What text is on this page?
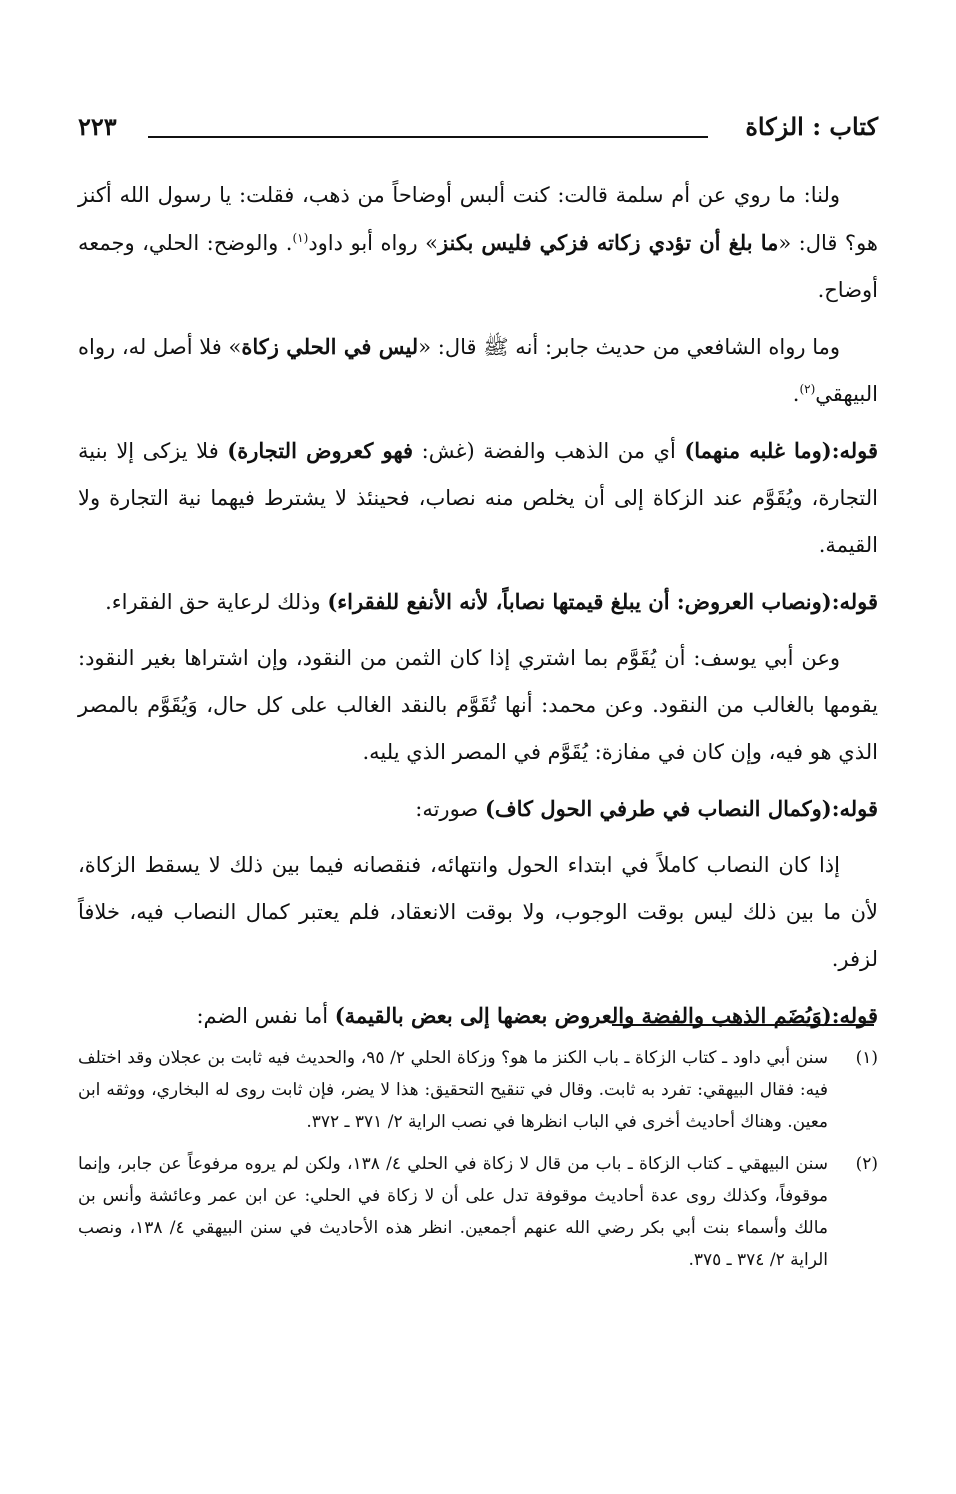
كتاب : الزكاة
٢٢٣

ولنا: ما روي عن أم سلمة قالت: كنت ألبس أوضاحاً من ذهب، فقلت: يا رسول الله أكنز هو؟ قال: «ما بلغ أن تؤدي زكاته فزكي فليس بكنز» رواه أبو داود$^{(١)}$. والوضح: الحلي، وجمعه أوضاح.

وما رواه الشافعي من حديث جابر: أنه ﷺ قال: «ليس في الحلي زكاة» فلا أصل له، رواه البيهقي$^{(٢)}$.

قوله:(وما غلبه منهما) أي من الذهب والفضة (غش: فهو كعروض التجارة) فلا يزكى إلا بنية التجارة، ويُقَوَّم عند الزكاة إلى أن يخلص منه نصاب، فحينئذ لا يشترط فيهما نية التجارة ولا القيمة.

قوله:(ونصاب العروض: أن يبلغ قيمتها نصاباً، لأنه الأنفع للفقراء) وذلك لرعاية حق الفقراء.

وعن أبي يوسف: أن يُقَوَّم بما اشتري إذا كان الثمن من النقود، وإن اشتراها بغير النقود: يقومها بالغالب من النقود. وعن محمد: أنها تُقَوَّم بالنقد الغالب على كل حال، وَيُقَوَّم بالمصر الذي هو فيه، وإن كان في مفازة: يُقَوَّم في المصر الذي يليه.

قوله:(وكمال النصاب في طرفي الحول كاف) صورته:

إذا كان النصاب كاملاً في ابتداء الحول وانتهائه، فنقصانه فيما بين ذلك لا يسقط الزكاة، لأن ما بين ذلك ليس بوقت الوجوب، ولا بوقت الانعقاد، فلم يعتبر كمال النصاب فيه، خلافاً لزفر.

قوله:(وَيُضَم الذهب والفضة والعروض بعضها إلى بعض بالقيمة) أما نفس الضم:

(١)
سنن أبي داود ـ كتاب الزكاة ـ باب الكنز ما هو؟ وزكاة الحلي ٢/ ٩٥، والحديث فيه ثابت بن عجلان وقد اختلف فيه: فقال البيهقي: تفرد به ثابت. وقال في تنقيح التحقيق: هذا لا يضر، فإن ثابت روى له البخاري، ووثقه ابن معين. وهناك أحاديث أخرى في الباب انظرها في نصب الراية ٢/ ٣٧١ ـ ٣٧٢.
(٢)
سنن البيهقي ـ كتاب الزكاة ـ باب من قال لا زكاة في الحلي ٤/ ١٣٨، ولكن لم يروه مرفوعاً عن جابر، وإنما موقوفاً، وكذلك روى عدة أحاديث موقوفة تدل على أن لا زكاة في الحلي: عن ابن عمر وعائشة وأنس بن مالك وأسماء بنت أبي بكر رضي الله عنهم أجمعين. انظر هذه الأحاديث في سنن البيهقي ٤/ ١٣٨، ونصب الراية ٢/ ٣٧٤ ـ ٣٧٥.
